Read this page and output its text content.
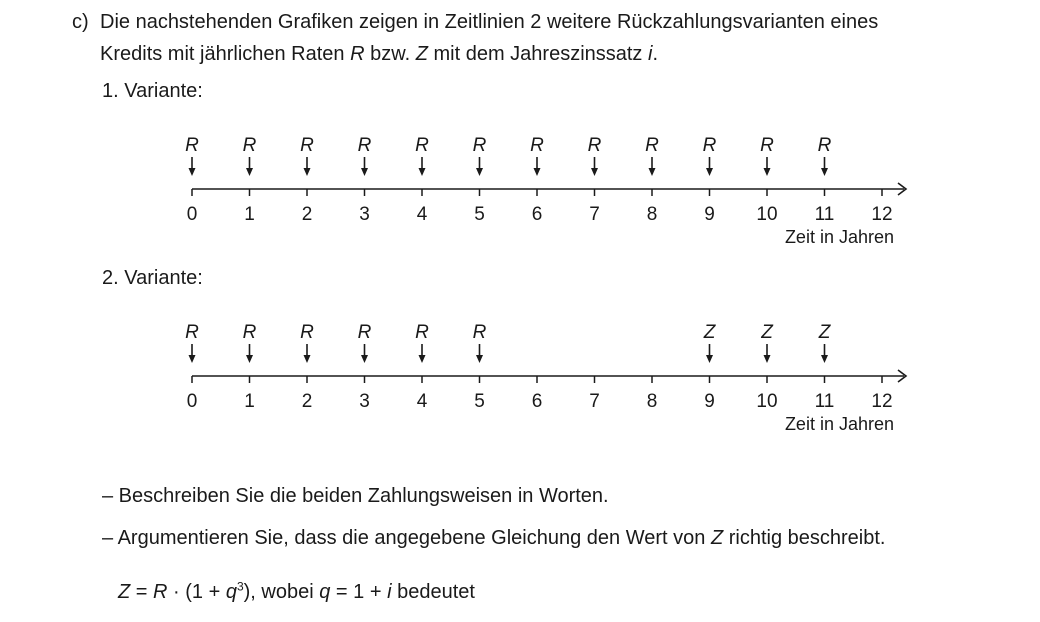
c) Die nachstehenden Grafiken zeigen in Zeitlinien 2 weitere Rückzahlungsvarianten eines
Kredits mit jährlichen Raten R bzw. Z mit dem Jahreszinssatz i.
1. Variante:
0
R
1
R
2
R
3
R
4
R
5
R
6
R
7
R
8
R
9
R
10
R
11
R
12
Zeit in Jahren
2. Variante:
0
R
1
R
2
R
3
R
4
R
5
R
6 7 8 9
Z
10
Z
11
Z
12
Zeit in Jahren
– Beschreiben Sie die beiden Zahlungsweisen in Worten.
– Argumentieren Sie, dass die angegebene Gleichung den Wert von Z richtig beschreibt.
$Z = R \cdot (1 + q^3)$, wobei q = 1 + i bedeutet
